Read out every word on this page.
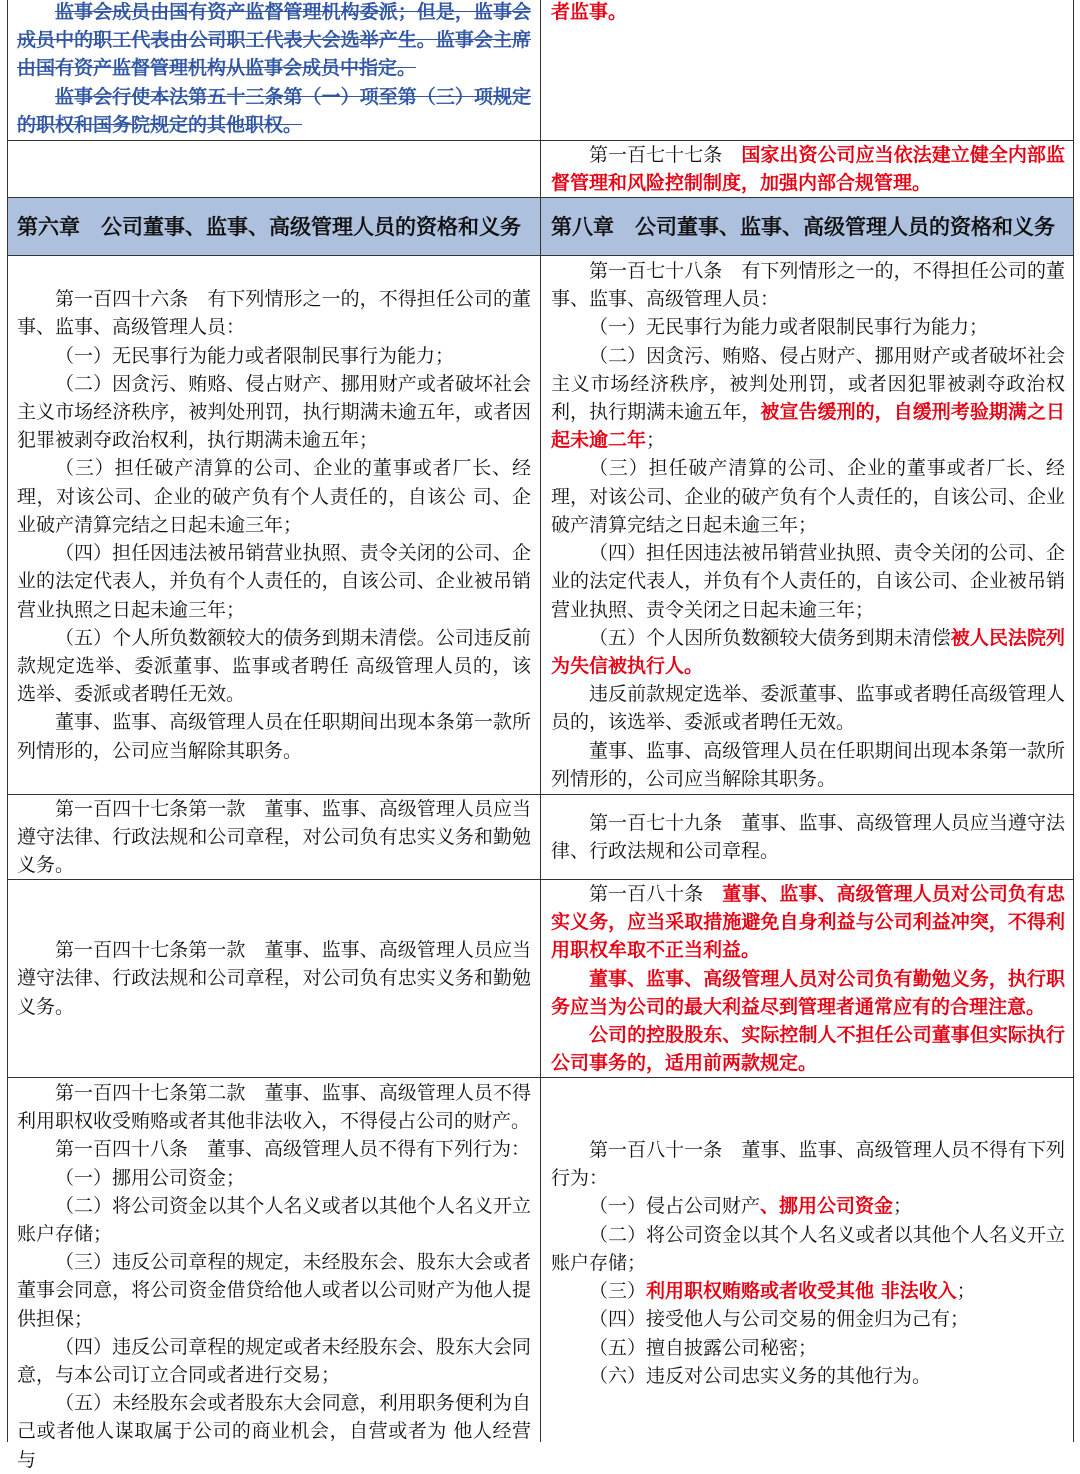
监事会成员由国有资产监督管理机构委派；但是，监事会成员中的职工代表由公司职工代表大会选举产生。监事会主席由国有资产监督管理机构从监事会成员中指定。

监事会行使本法第五十三条第（一）项至第（三）项规定的职权和国务院规定的其他职权。

者监事。

第一百七十七条　国家出资公司应当依法建立健全内部监督管理和风险控制制度，加强内部合规管理。

第六章　公司董事、监事、高级管理人员的资格和义务	第八章　公司董事、监事、高级管理人员的资格和义务

第一百四十六条　有下列情形之一的，不得担任公司的董事、监事、高级管理人员：

（一）无民事行为能力或者限制民事行为能力；

（二）因贪污、贿赂、侵占财产、挪用财产或者破坏社会主义市场经济秩序，被判处刑罚，执行期满未逾五年，或者因犯罪被剥夺政治权利，执行期满未逾五年；

（三）担任破产清算的公司、企业的董事或者厂长、经理，对该公司、企业的破产负有个人责任的，自该公 司、企业破产清算完结之日起未逾三年；

（四）担任因违法被吊销营业执照、责令关闭的公司、企业的法定代表人，并负有个人责任的，自该公司、企业被吊销营业执照之日起未逾三年；

（五）个人所负数额较大的债务到期未清偿。公司违反前款规定选举、委派董事、监事或者聘任 高级管理人员的，该选举、委派或者聘任无效。

董事、监事、高级管理人员在任职期间出现本条第一款所列情形的，公司应当解除其职务。

第一百七十八条　有下列情形之一的，不得担任公司的董事、监事、高级管理人员：

（一）无民事行为能力或者限制民事行为能力；

（二）因贪污、贿赂、侵占财产、挪用财产或者破坏社会主义市场经济秩序，被判处刑罚，或者因犯罪被剥夺政治权利，执行期满未逾五年，被宣告缓刑的，自缓刑考验期满之日起未逾二年；

（三）担任破产清算的公司、企业的董事或者厂长、经理，对该公司、企业的破产负有个人责任的，自该公司、企业破产清算完结之日起未逾三年；

（四）担任因违法被吊销营业执照、责令关闭的公司、企业的法定代表人，并负有个人责任的，自该公司、企业被吊销营业执照、责令关闭之日起未逾三年；

（五）个人因所负数额较大债务到期未清偿被人民法院列为失信被执行人。

违反前款规定选举、委派董事、监事或者聘任高级管理人员的，该选举、委派或者聘任无效。

董事、监事、高级管理人员在任职期间出现本条第一款所列情形的，公司应当解除其职务。

第一百四十七条第一款　董事、监事、高级管理人员应当遵守法律、行政法规和公司章程，对公司负有忠实义务和勤勉义务。

第一百七十九条　董事、监事、高级管理人员应当遵守法律、行政法规和公司章程。

第一百四十七条第一款　董事、监事、高级管理人员应当遵守法律、行政法规和公司章程，对公司负有忠实义务和勤勉义务。

第一百八十条　董事、监事、高级管理人员对公司负有忠实义务，应当采取措施避免自身利益与公司利益冲突，不得利用职权牟取不正当利益。

董事、监事、高级管理人员对公司负有勤勉义务，执行职务应当为公司的最大利益尽到管理者通常应有的合理注意。

公司的控股股东、实际控制人不担任公司董事但实际执行公司事务的，适用前两款规定。

第一百四十七条第二款　董事、监事、高级管理人员不得利用职权收受贿赂或者其他非法收入，不得侵占公司的财产。

第一百四十八条　董事、高级管理人员不得有下列行为：

（一）挪用公司资金；

（二）将公司资金以其个人名义或者以其他个人名义开立账户存储；

（三）违反公司章程的规定，未经股东会、股东大会或者董事会同意，将公司资金借贷给他人或者以公司财产为他人提供担保；

（四）违反公司章程的规定或者未经股东会、股东大会同意，与本公司订立合同或者进行交易；

（五）未经股东会或者股东大会同意，利用职务便利为自己或者他人谋取属于公司的商业机会，自营或者为 他人经营与

第一百八十一条　董事、监事、高级管理人员不得有下列行为：

（一）侵占公司财产、挪用公司资金；

（二）将公司资金以其个人名义或者以其他个人名义开立账户存储；

（三）利用职权贿赂或者收受其他 非法收入；

（四）接受他人与公司交易的佣金归为己有；

（五）擅自披露公司秘密；

（六）违反对公司忠实义务的其他行为。
